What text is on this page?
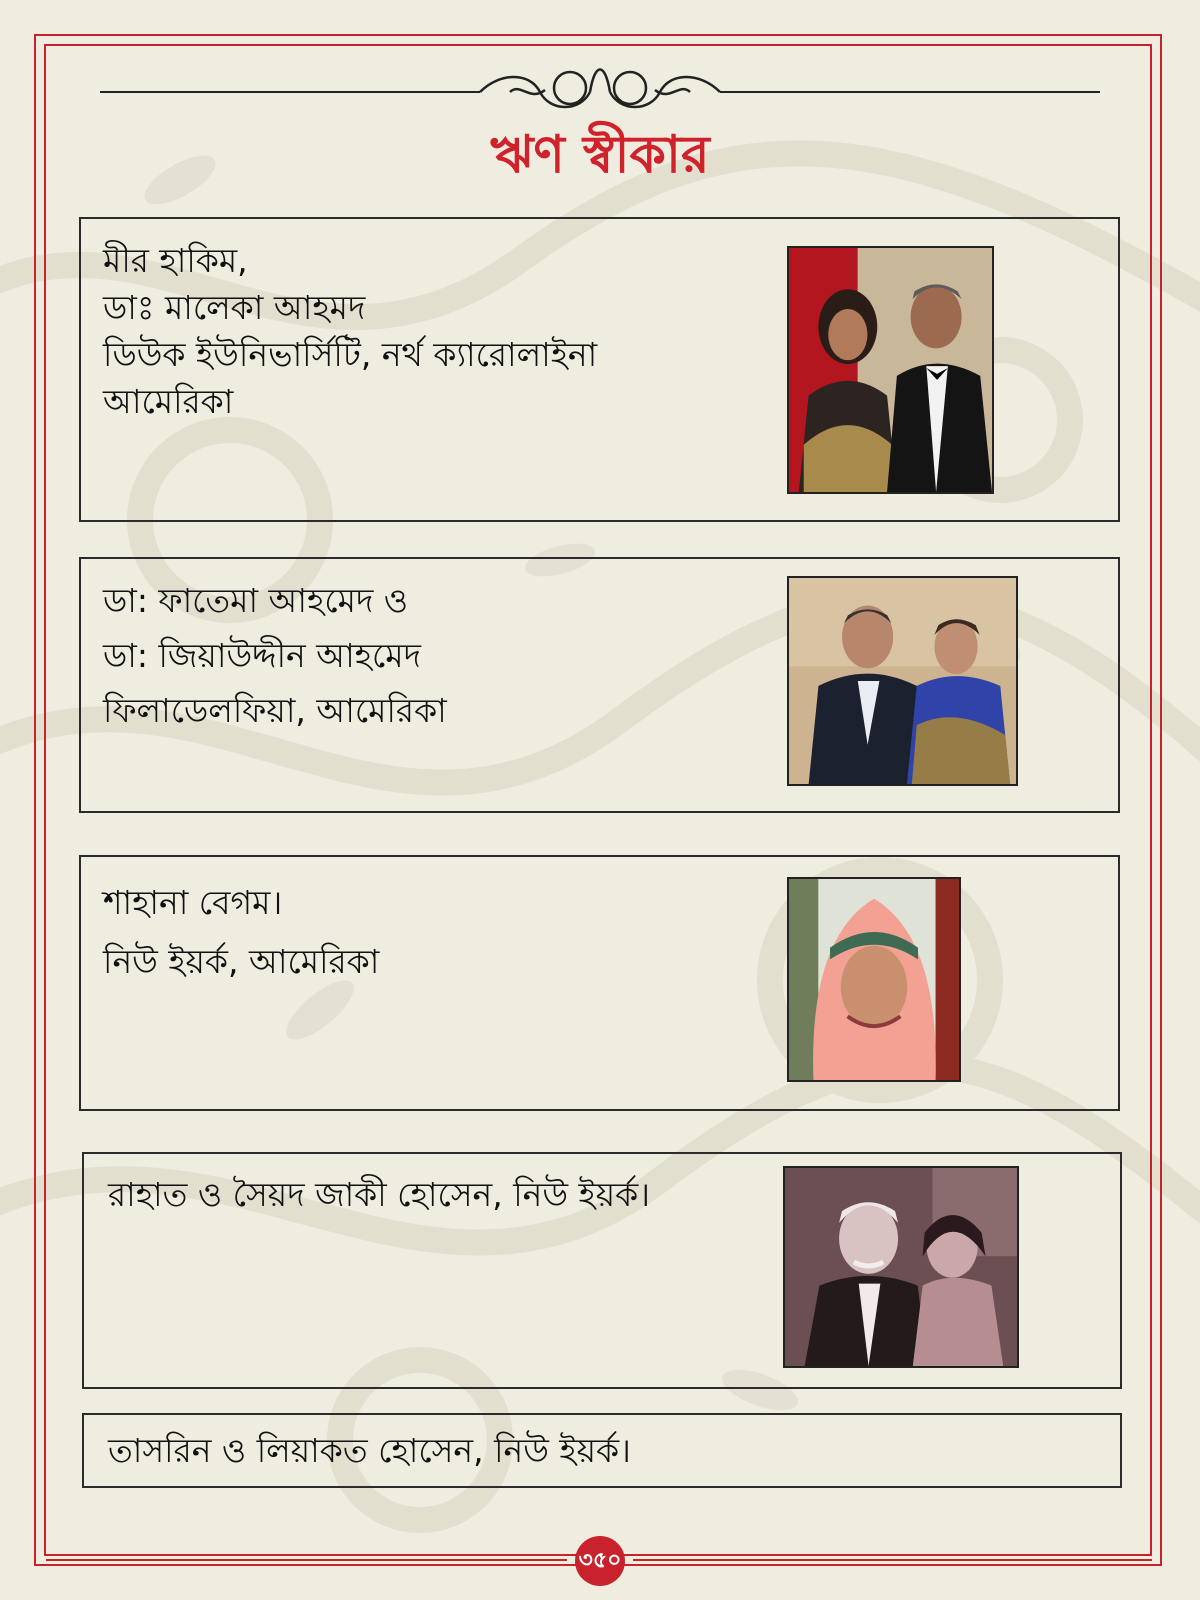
ঋণ স্বীকার
মীর হাকিম,
ডাঃ মালেকা আহমদ
ডিউক ইউনিভার্সিটি, নর্থ ক্যারোলাইনা
আমেরিকা
ডা: ফাতেমা আহমেদ ও
ডা: জিয়াউদ্দীন আহমেদ
ফিলাডেলফিয়া, আমেরিকা
শাহানা বেগম।
নিউ ইয়র্ক, আমেরিকা
রাহাত ও সৈয়দ জাকী হোসেন, নিউ ইয়র্ক।
তাসরিন ও লিয়াকত হোসেন, নিউ ইয়র্ক।
৩৫০
